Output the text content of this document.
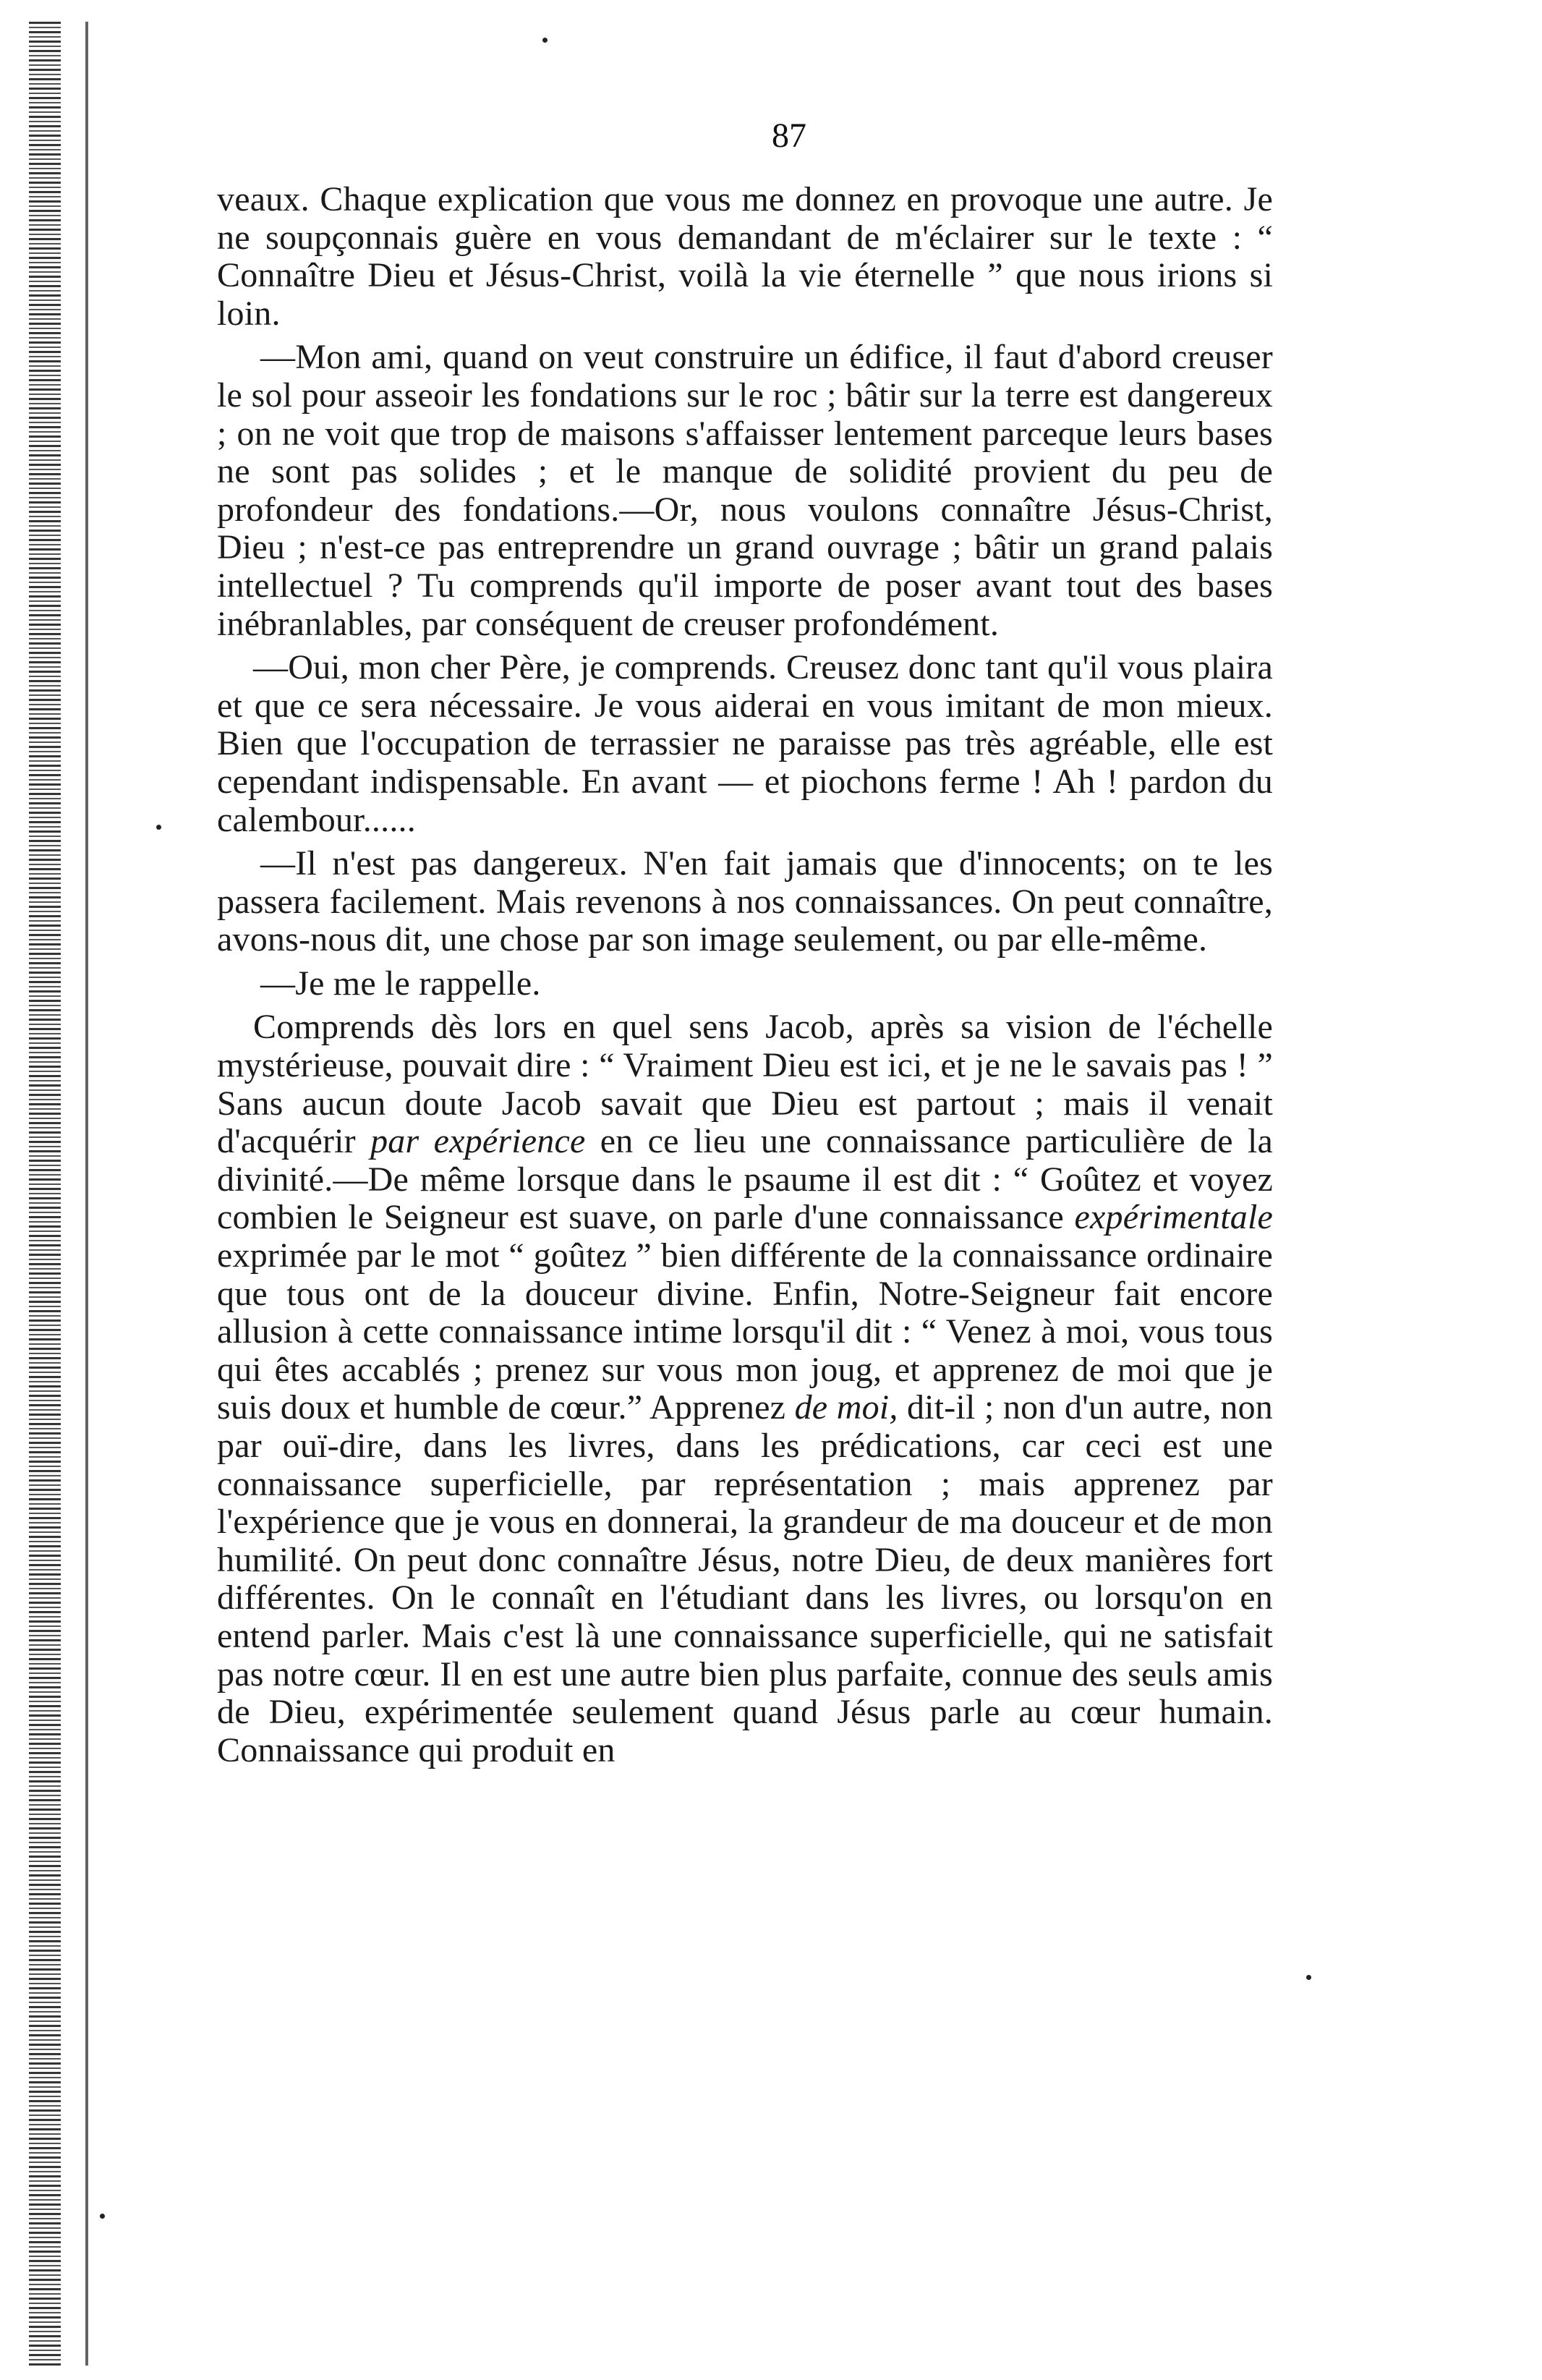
87

veaux. Chaque explication que vous me donnez en provoque une autre. Je ne soupçonnais guère en vous demandant de m'éclairer sur le texte : “ Connaître Dieu et Jésus-Christ, voilà la vie éternelle ” que nous irions si loin.

—Mon ami, quand on veut construire un édifice, il faut d'abord creuser le sol pour asseoir les fondations sur le roc ; bâtir sur la terre est dangereux ; on ne voit que trop de maisons s'affaisser lentement parceque leurs bases ne sont pas solides ; et le manque de solidité provient du peu de profondeur des fondations.—Or, nous voulons connaître Jésus-Christ, Dieu ; n'est-ce pas entreprendre un grand ouvrage ; bâtir un grand palais intellectuel ? Tu comprends qu'il importe de poser avant tout des bases inébranlables, par conséquent de creuser profondément.

—Oui, mon cher Père, je comprends. Creusez donc tant qu'il vous plaira et que ce sera nécessaire. Je vous aiderai en vous imitant de mon mieux. Bien que l'occupation de terrassier ne paraisse pas très agréable, elle est cependant indispensable. En avant — et piochons ferme ! Ah ! pardon du calembour......

—Il n'est pas dangereux. N'en fait jamais que d'innocents; on te les passera facilement. Mais revenons à nos connaissances. On peut connaître, avons-nous dit, une chose par son image seulement, ou par elle-même.

—Je me le rappelle.

Comprends dès lors en quel sens Jacob, après sa vision de l'échelle mystérieuse, pouvait dire : “ Vraiment Dieu est ici, et je ne le savais pas ! ” Sans aucun doute Jacob savait que Dieu est partout ; mais il venait d'acquérir par expérience en ce lieu une connaissance particulière de la divinité.—De même lorsque dans le psaume il est dit : “ Goûtez et voyez combien le Seigneur est suave, on parle d'une connaissance expérimentale exprimée par le mot “ goûtez ” bien différente de la connaissance ordinaire que tous ont de la douceur divine. Enfin, Notre-Seigneur fait encore allusion à cette connaissance intime lorsqu'il dit : “ Venez à moi, vous tous qui êtes accablés ; prenez sur vous mon joug, et apprenez de moi que je suis doux et humble de cœur.” Apprenez de moi, dit-il ; non d'un autre, non par ouï-dire, dans les livres, dans les prédications, car ceci est une connaissance superficielle, par représentation ; mais apprenez par l'expérience que je vous en donnerai, la grandeur de ma douceur et de mon humilité. On peut donc connaître Jésus, notre Dieu, de deux manières fort différentes. On le connaît en l'étudiant dans les livres, ou lorsqu'on en entend parler. Mais c'est là une connaissance superficielle, qui ne satisfait pas notre cœur. Il en est une autre bien plus parfaite, connue des seuls amis de Dieu, expérimentée seulement quand Jésus parle au cœur humain. Connaissance qui produit en
